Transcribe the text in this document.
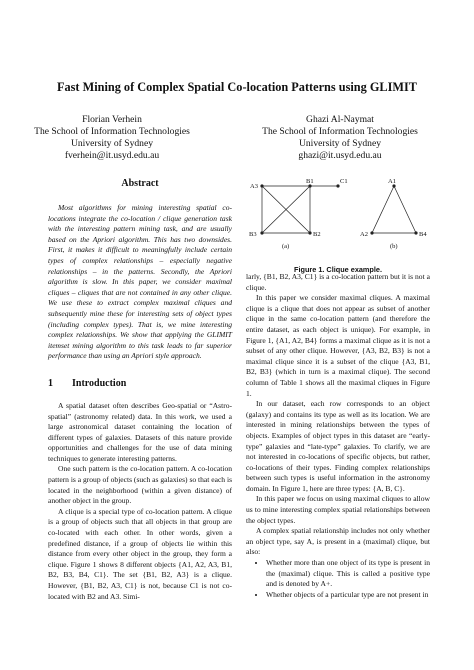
Fast Mining of Complex Spatial Co-location Patterns using GLIMIT
Florian Verhein
The School of Information Technologies
University of Sydney
fverhein@it.usyd.edu.au
Ghazi Al-Naymat
The School of Information Technologies
University of Sydney
ghazi@it.usyd.edu.au
Abstract
Most algorithms for mining interesting spatial co-locations integrate the co-location / clique generation task with the interesting pattern mining task, and are usually based on the Apriori algorithm. This has two downsides. First, it makes it difficult to meaningfully include certain types of complex relationships – especially negative relationships – in the patterns. Secondly, the Apriori algorithm is slow. In this paper, we consider maximal cliques – cliques that are not contained in any other clique. We use these to extract complex maximal cliques and subsequently mine these for interesting sets of object types (including complex types). That is, we mine interesting complex relationships. We show that applying the GLIMIT itemset mining algorithm to this task leads to far superior performance than using an Apriori style approach.
1 Introduction

A spatial dataset often describes Geo-spatial or “Astro-spatial” (astronomy related) data. In this work, we used a large astronomical dataset containing the location of different types of galaxies. Datasets of this nature provide opportunities and challenges for the use of data mining techniques to generate interesting patterns.

One such pattern is the co-location pattern. A co-location pattern is a group of objects (such as galaxies) so that each is located in the neighborhood (within a given distance) of another object in the group.

A clique is a special type of co-location pattern. A clique is a group of objects such that all objects in that group are co-located with each other. In other words, given a predefined distance, if a group of objects lie within this distance from every other object in the group, they form a clique. Figure 1 shows 8 different objects {A1, A2, A3, B1, B2, B3, B4, C1}. The set {B1, B2, A3} is a clique. However, {B1, B2, A3, C1} is not, because C1 is not co-located with B2 and A3. Simi-

A3
B1	C1
B3	B2
(a)
A1
A2	B4
(b)
Figure 1. Clique example.

larly, {B1, B2, A3, C1} is a co-location pattern but it is not a clique.

In this paper we consider maximal cliques. A maximal clique is a clique that does not appear as subset of another clique in the same co-location pattern (and therefore the entire dataset, as each object is unique). For example, in Figure 1, {A1, A2, B4} forms a maximal clique as it is not a subset of any other clique. However, {A3, B2, B3} is not a maximal clique since it is a subset of the clique {A3, B1, B2, B3} (which in turn is a maximal clique). The second column of Table 1 shows all the maximal cliques in Figure 1.

In our dataset, each row corresponds to an object (galaxy) and contains its type as well as its location. We are interested in mining relationships between the types of objects. Examples of object types in this dataset are “early-type” galaxies and “late-type” galaxies. To clarify, we are not interested in co-locations of specific objects, but rather, co-locations of their types. Finding complex relationships between such types is useful information in the astronomy domain. In Figure 1, here are three types: {A, B, C}.

In this paper we focus on using maximal cliques to allow us to mine interesting complex spatial relationships between the object types.

A complex spatial relationship includes not only whether an object type, say A, is present in a (maximal) clique, but also:

• Whether more than one object of its type is present in the (maximal) clique. This is called a positive type and is denoted by A+.
• Whether objects of a particular type are not present in
